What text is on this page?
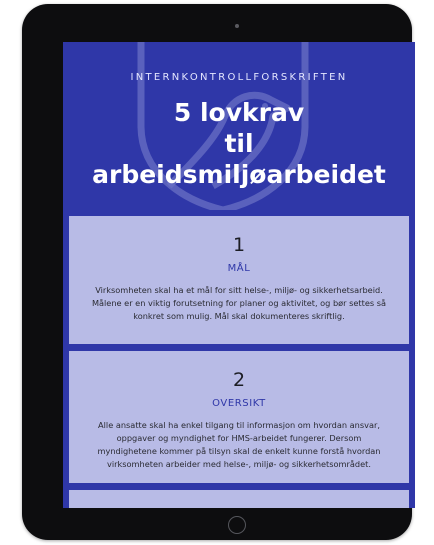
INTERNKONTROLLFORSKRIFTEN
5 lovkrav
til
arbeidsmiljøarbeidet
1
MÅL
Virksomheten skal ha et mål for sitt helse-, miljø- og sikkerhetsarbeid. Målene er en viktig forutsetning for planer og aktivitet, og bør settes så konkret som mulig. Mål skal dokumenteres skriftlig.
2
OVERSIKT
Alle ansatte skal ha enkel tilgang til informasjon om hvordan ansvar, oppgaver og myndighet for HMS-arbeidet fungerer. Dersom myndighetene kommer på tilsyn skal de enkelt kunne forstå hvordan virksomheten arbeider med helse-, miljø- og sikkerhetsområdet.
